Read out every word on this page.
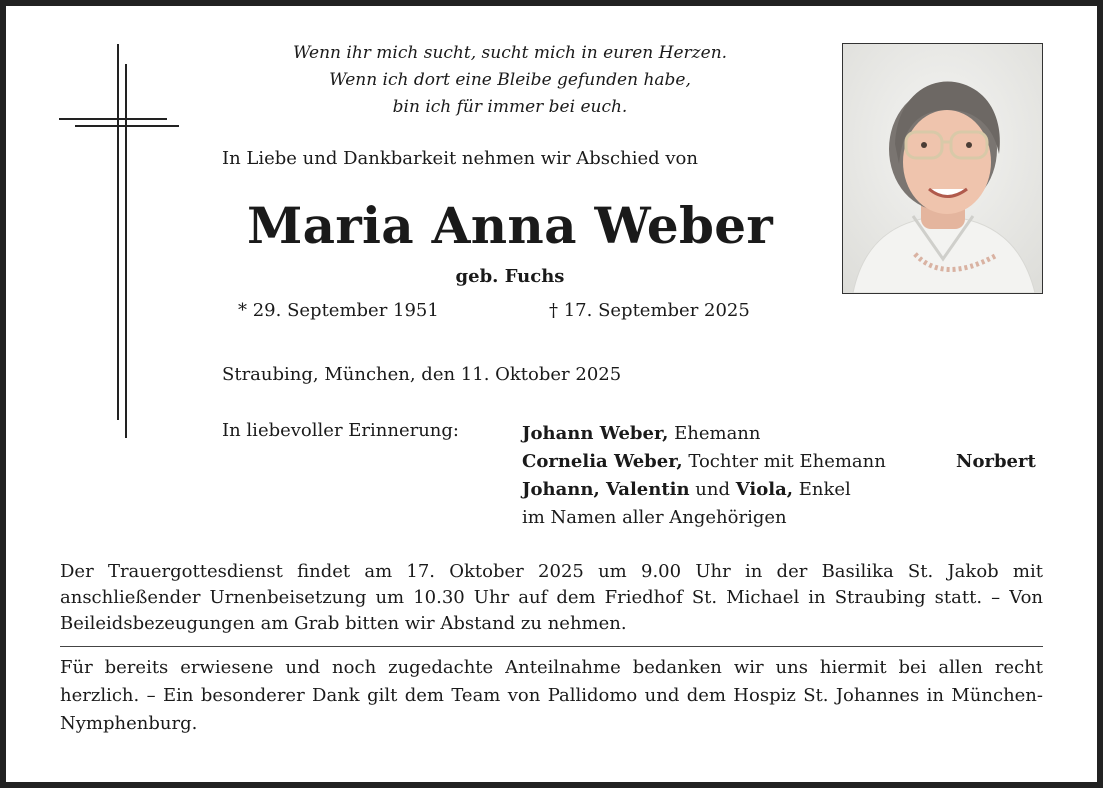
Wenn ihr mich sucht, sucht mich in euren Herzen.
Wenn ich dort eine Bleibe gefunden habe,
bin ich für immer bei euch.
In Liebe und Dankbarkeit nehmen wir Abschied von
Maria Anna Weber
geb. Fuchs
* 29. September 1951	† 17. September 2025
Straubing, München, den 11. Oktober 2025
In liebevoller Erinnerung:	Johann Weber, Ehemann
Cornelia Weber, Tochter mit Ehemann	Norbert
Johann, Valentin und Viola, Enkel
im Namen aller Angehörigen
Der Trauergottesdienst findet am 17. Oktober 2025 um 9.00 Uhr in der Basilika St. Jakob mit anschließender Urnenbeisetzung um 10.30 Uhr auf dem Friedhof St. Michael in Straubing statt. – Von Beileidsbezeugungen am Grab bitten wir Abstand zu nehmen.
Für bereits erwiesene und noch zugedachte Anteilnahme bedanken wir uns hiermit bei allen recht herzlich. – Ein besonderer Dank gilt dem Team von Pallidomo und dem Hospiz St. Johannes in München-Nymphenburg.
